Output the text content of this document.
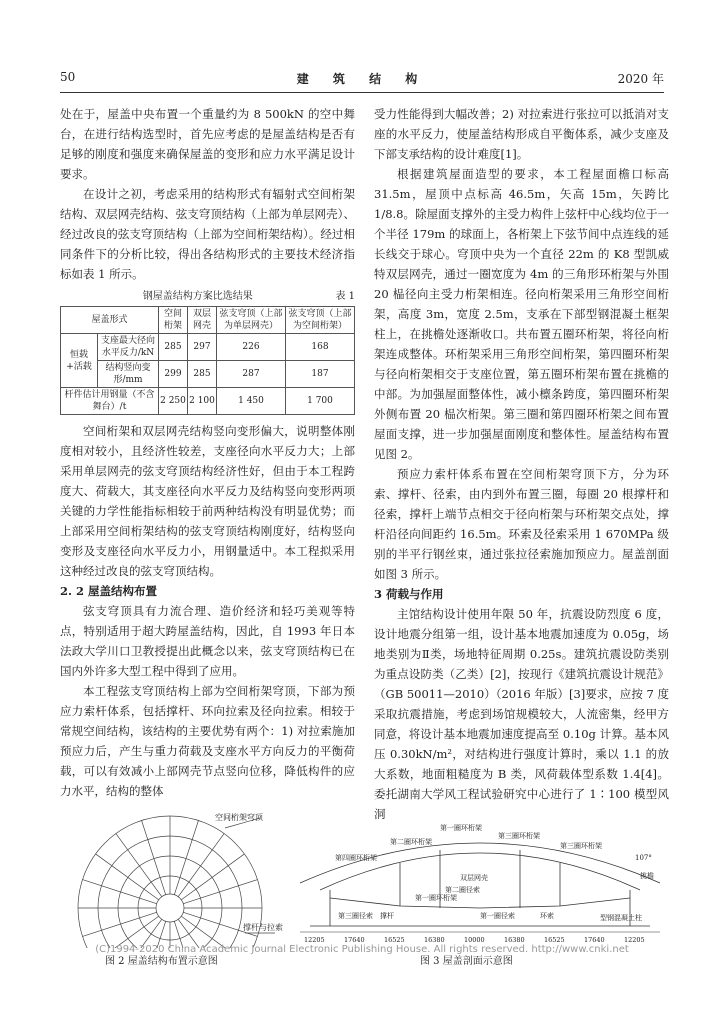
50	建 筑 结 构	2020 年

处在于，屋盖中央布置一个重量约为 8 500kN 的空中舞台，在进行结构选型时，首先应考虑的是屋盖结构是否有足够的刚度和强度来确保屋盖的变形和应力水平满足设计要求。

在设计之初，考虑采用的结构形式有辐射式空间桁架结构、双层网壳结构、弦支穹顶结构（上部为单层网壳）、经过改良的弦支穹顶结构（上部为空间桁架结构）。经过相同条件下的分析比较，得出各结构形式的主要技术经济指标如表 1 所示。

钢屋盖结构方案比选结果	表 1
屋盖形式		空间桁架	双层网壳	弦支穹顶（上部为单层网壳）	弦支穹顶（上部为空间桁架）
恒载+活载	支座最大径向水平反力/kN	285	297	226	168
	结构竖向变形/mm	299	285	287	187
杆件估计用钢量（不含舞台）/t		2 250	2 100	1 450	1 700

空间桁架和双层网壳结构竖向变形偏大，说明整体刚度相对较小，且经济性较差，支座径向水平反力大；上部采用单层网壳的弦支穹顶结构经济性好，但由于本工程跨度大、荷载大，其支座径向水平反力及结构竖向变形两项关键的力学性能指标相较于前两种结构没有明显优势；而上部采用空间桁架结构的弦支穹顶结构刚度好，结构竖向变形及支座径向水平反力小，用钢量适中。本工程拟采用这种经过改良的弦支穹顶结构。

2. 2 屋盖结构布置

弦支穹顶具有力流合理、造价经济和轻巧美观等特点，特别适用于超大跨屋盖结构，因此，自 1993 年日本法政大学川口卫教授提出此概念以来，弦支穹顶结构已在国内外许多大型工程中得到了应用。

本工程弦支穹顶结构上部为空间桁架穹顶，下部为预应力索杆体系，包括撑杆、环向拉索及径向拉索。相较于常规空间结构，该结构的主要优势有两个：1) 对拉索施加预应力后，产生与重力荷载及支座水平方向反力的平衡荷载，可以有效减小上部网壳节点竖向位移，降低构件的应力水平，结构的整体

受力性能得到大幅改善；2) 对拉索进行张拉可以抵消对支座的水平反力，使屋盖结构形成自平衡体系，减少支座及下部支承结构的设计难度[1]。

根据建筑屋面造型的要求，本工程屋面檐口标高 31.5m，屋顶中点标高 46.5m，矢高 15m，矢跨比 1/8.8。除屋面支撑外的主受力构件上弦杆中心线均位于一个半径 179m 的球面上，各桁架上下弦节间中点连线的延长线交于球心。穹顶中央为一个直径 22m 的 K8 型凯威特双层网壳，通过一圈宽度为 4m 的三角形环桁架与外围 20 榀径向主受力桁架相连。径向桁架采用三角形空间桁架，高度 3m，宽度 2.5m，支承在下部型钢混凝土框架柱上，在挑檐处逐渐收口。共布置五圈环桁架，将径向桁架连成整体。环桁架采用三角形空间桁架，第四圈环桁架与径向桁架相交于支座位置，第五圈环桁架布置在挑檐的中部。为加强屋面整体性，减小檩条跨度，第四圈环桁架外侧布置 20 榀次桁架。第三圈和第四圈环桁架之间布置屋面支撑，进一步加强屋面刚度和整体性。屋盖结构布置见图 2。

预应力索杆体系布置在空间桁架穹顶下方，分为环索、撑杆、径索，由内到外布置三圈，每圈 20 根撑杆和径索，撑杆上端节点相交于径向桁架与环桁架交点处，撑杆沿径向间距约 16.5m。环索及径索采用 1 670MPa 级别的半平行钢丝束，通过张拉径索施加预应力。屋盖剖面如图 3 所示。

3 荷载与作用

主馆结构设计使用年限 50 年，抗震设防烈度 6 度，设计地震分组第一组，设计基本地震加速度为 0.05g，场地类别为Ⅱ类，场地特征周期 0.25s。建筑抗震设防类别为重点设防类（乙类）[2]，按现行《建筑抗震设计规范》（GB 50011—2010）（2016 年版）[3]要求，应按 7 度采取抗震措施，考虑到场馆规模较大，人流密集，经甲方同意，将设计基本地震加速度提高至 0.10g 计算。基本风压 0.30kN/m²，对结构进行强度计算时，乘以 1.1 的放大系数，地面粗糙度为 B 类，风荷载体型系数 1.4[4]。委托湖南大学风工程试验研究中心进行了 1∶100 模型风洞

空间桁架穹顶
撑杆与拉索
图 2 屋盖结构布置示意图
第四圈环桁架
第三圈环桁架
第二圈环桁架
第一圈环桁架
第三圈环桁架
双层网壳
第一圈环桁架
第二圈径索
第一圈径索
第三圈径索
挑檐
型钢混凝土柱
撑杆	环索
107°
12205	17640	16525	16380	10000	16380	16525	17640	12205
图 3 屋盖剖面示意图
(C)1994-2020 China Academic Journal Electronic Publishing House. All rights reserved. http://www.cnki.net
